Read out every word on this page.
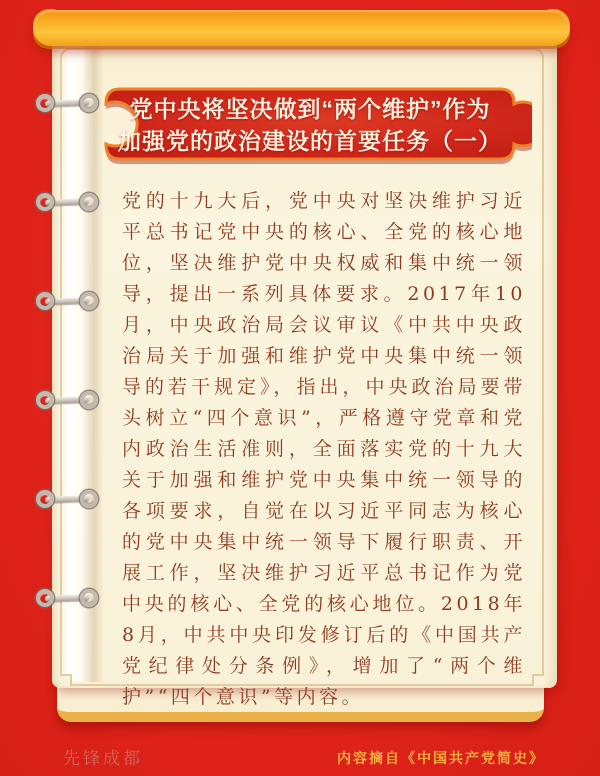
党中央将坚决做到“两个维护”作为
加强党的政治建设的首要任务（一）
党的十九大后，党中央对坚决维护习近平总书记党中央的核心、全党的核心地位，坚决维护党中央权威和集中统一领导，提出一系列具体要求。2017年10月，中央政治局会议审议《中共中央政治局关于加强和维护党中央集中统一领导的若干规定》，指出，中央政治局要带头树立“四个意识”，严格遵守党章和党内政治生活准则，全面落实党的十九大关于加强和维护党中央集中统一领导的各项要求，自觉在以习近平同志为核心的党中央集中统一领导下履行职责、开展工作，坚决维护习近平总书记作为党中央的核心、全党的核心地位。2018年8月，中共中央印发修订后的《中国共产党纪律处分条例》，增加了“两个维护”“四个意识”等内容。
先锋成都	内容摘自《中国共产党简史》
